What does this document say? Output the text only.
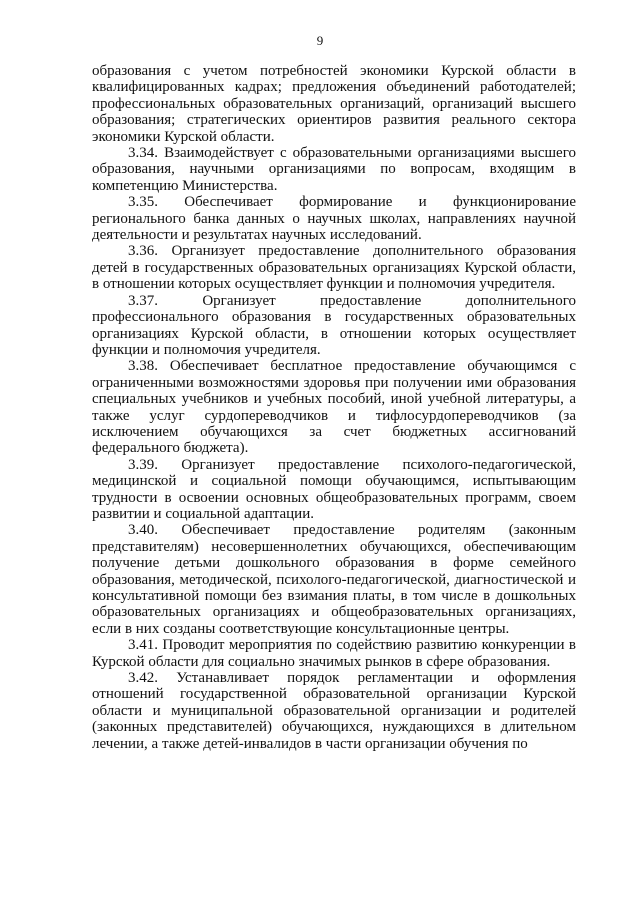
9

образования с учетом потребностей экономики Курской области в квалифицированных кадрах; предложения объединений работодателей; профессиональных образовательных организаций, организаций высшего образования; стратегических ориентиров развития реального сектора экономики Курской области.

3.34. Взаимодействует с образовательными организациями высшего образования, научными организациями по вопросам, входящим в компетенцию Министерства.

3.35. Обеспечивает формирование и функционирование регионального банка данных о научных школах, направлениях научной деятельности и результатах научных исследований.

3.36. Организует предоставление дополнительного образования детей в государственных образовательных организациях Курской области, в отношении которых осуществляет функции и полномочия учредителя.

3.37. Организует предоставление дополнительного профессионального образования в государственных образовательных организациях Курской области, в отношении которых осуществляет функции и полномочия учредителя.

3.38. Обеспечивает бесплатное предоставление обучающимся с ограниченными возможностями здоровья при получении ими образования специальных учебников и учебных пособий, иной учебной литературы, а также услуг сурдопереводчиков и тифлосурдопереводчиков (за исключением обучающихся за счет бюджетных ассигнований федерального бюджета).

3.39. Организует предоставление психолого-педагогической, медицинской и социальной помощи обучающимся, испытывающим трудности в освоении основных общеобразовательных программ, своем развитии и социальной адаптации.

3.40. Обеспечивает предоставление родителям (законным представителям) несовершеннолетних обучающихся, обеспечивающим получение детьми дошкольного образования в форме семейного образования, методической, психолого-педагогической, диагностической и консультативной помощи без взимания платы, в том числе в дошкольных образовательных организациях и общеобразовательных организациях, если в них созданы соответствующие консультационные центры.

3.41. Проводит мероприятия по содействию развитию конкуренции в Курской области для социально значимых рынков в сфере образования.

3.42. Устанавливает порядок регламентации и оформления отношений государственной образовательной организации Курской области и муниципальной образовательной организации и родителей (законных представителей) обучающихся, нуждающихся в длительном лечении, а также детей-инвалидов в части организации обучения по
